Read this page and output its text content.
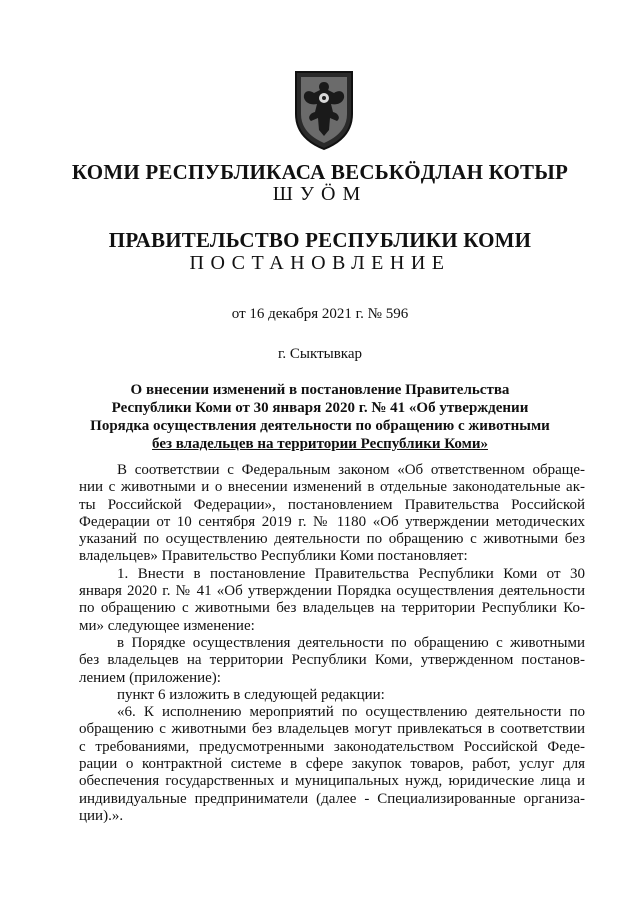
КОМИ РЕСПУБЛИКАСА ВЕСЬКӦДЛАН КОТЫР
ШУÖМ
ПРАВИТЕЛЬСТВО РЕСПУБЛИКИ КОМИ
ПОСТАНОВЛЕНИЕ
от 16 декабря 2021 г. № 596
г. Сыктывкар
О внесении изменений в постановление Правительства
Республики Коми от 30 января 2020 г. № 41 «Об утверждении
Порядка осуществления деятельности по обращению с животными
без владельцев на территории Республики Коми»

В соответствии с Федеральным законом «Об ответственном обраще-

нии с животными и о внесении изменений в отдельные законодательные ак-

ты Российской Федерации», постановлением Правительства Российской

Федерации от 10 сентября 2019 г. № 1180 «Об утверждении методических

указаний по осуществлению деятельности по обращению с животными без

владельцев» Правительство Республики Коми постановляет:

1. Внести в постановление Правительства Республики Коми от 30

января 2020 г. № 41 «Об утверждении Порядка осуществления деятельности

по обращению с животными без владельцев на территории Республики Ко-

ми» следующее изменение:

в Порядке осуществления деятельности по обращению с животными

без владельцев на территории Республики Коми, утвержденном постанов-

лением (приложение):

пункт 6 изложить в следующей редакции:

«6. К исполнению мероприятий по осуществлению деятельности по

обращению с животными без владельцев могут привлекаться в соответствии

с требованиями, предусмотренными законодательством Российской Феде-

рации о контрактной системе в сфере закупок товаров, работ, услуг для

обеспечения государственных и муниципальных нужд, юридические лица и

индивидуальные предприниматели (далее - Специализированные организа-

ции).».
